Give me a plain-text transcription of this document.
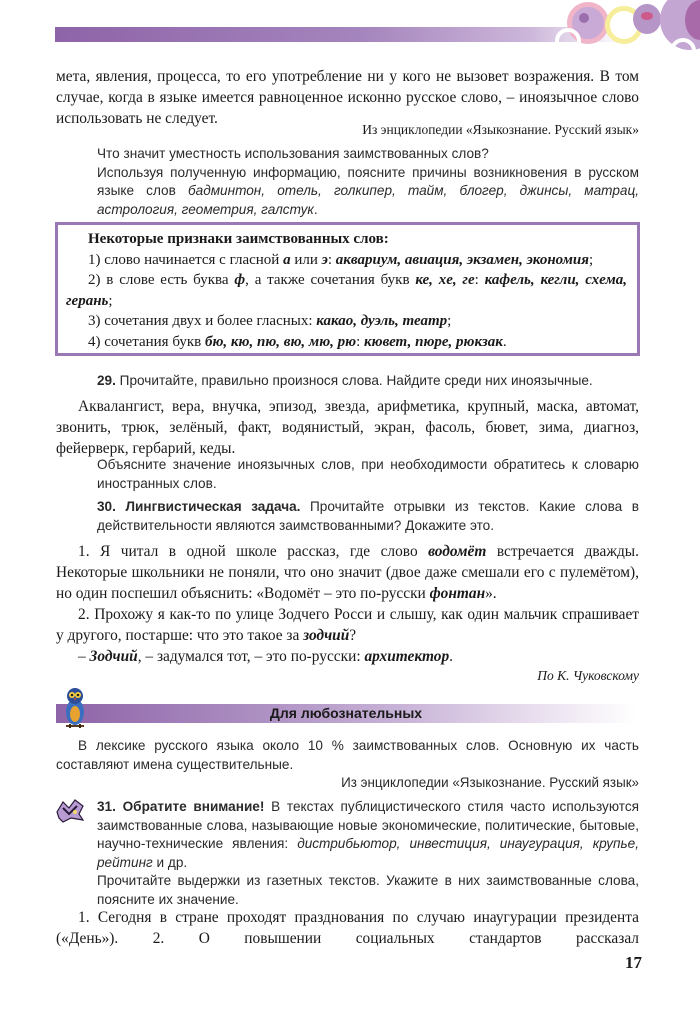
мета, явления, процесса, то его употребление ни у кого не вызовет возражения. В том случае, когда в языке имеется равноценное исконно русское слово, – иноязычное слово использовать не следует.

Из энциклопедии «Языкознание. Русский язык»

Что значит уместность использования заимствованных слов?

Используя полученную информацию, поясните причины возникновения в русском языке слов бадминтон, отель, голкипер, тайм, блогер, джинсы, матрац, астрология, геометрия, галстук.

Некоторые признаки заимствованных слов:

1) слово начинается с гласной а или э: аквариум, авиация, экзамен, экономия;

2) в слове есть буква ф, а также сочетания букв ке, хе, ге: кафель, кегли, схема, герань;

3) сочетания двух и более гласных: какао, дуэль, театр;

4) сочетания букв бю, кю, пю, вю, мю, рю: кювет, пюре, рюкзак.

29. Прочитайте, правильно произнося слова. Найдите среди них иноязычные.

Аквалангист, вера, внучка, эпизод, звезда, арифметика, крупный, маска, автомат, звонить, трюк, зелёный, факт, водянистый, экран, фасоль, бювет, зима, диагноз, фейерверк, гербарий, кеды.

Объясните значение иноязычных слов, при необходимости обратитесь к словарю иностранных слов.

30. Лингвистическая задача. Прочитайте отрывки из текстов. Какие слова в действительности являются заимствованными? Докажите это.

1. Я читал в одной школе рассказ, где слово водомёт встречается дважды. Некоторые школьники не поняли, что оно значит (двое даже смешали его с пулемётом), но один поспешил объяснить: «Водомёт – это по-русски фонтан».

2. Прохожу я как-то по улице Зодчего Росси и слышу, как один мальчик спрашивает у другого, постарше: что это такое за зодчий?

– Зодчий, – задумался тот, – это по-русски: архитектор.

По К. Чуковскому
Для любознательных

В лексике русского языка около 10 % заимствованных слов. Основную их часть составляют имена существительные.

Из энциклопедии «Языкознание. Русский язык»

31. Обратите внимание! В текстах публицистического стиля часто используются заимствованные слова, называющие новые экономические, политические, бытовые, научно-технические явления: дистрибьютор, инвестиция, инаугурация, крупье, рейтинг и др.

Прочитайте выдержки из газетных текстов. Укажите в них заимствованные слова, поясните их значение.

1. Сегодня в стране проходят празднования по случаю инаугурации президента («День»). 2. О повышении социальных стандартов рассказал

17
